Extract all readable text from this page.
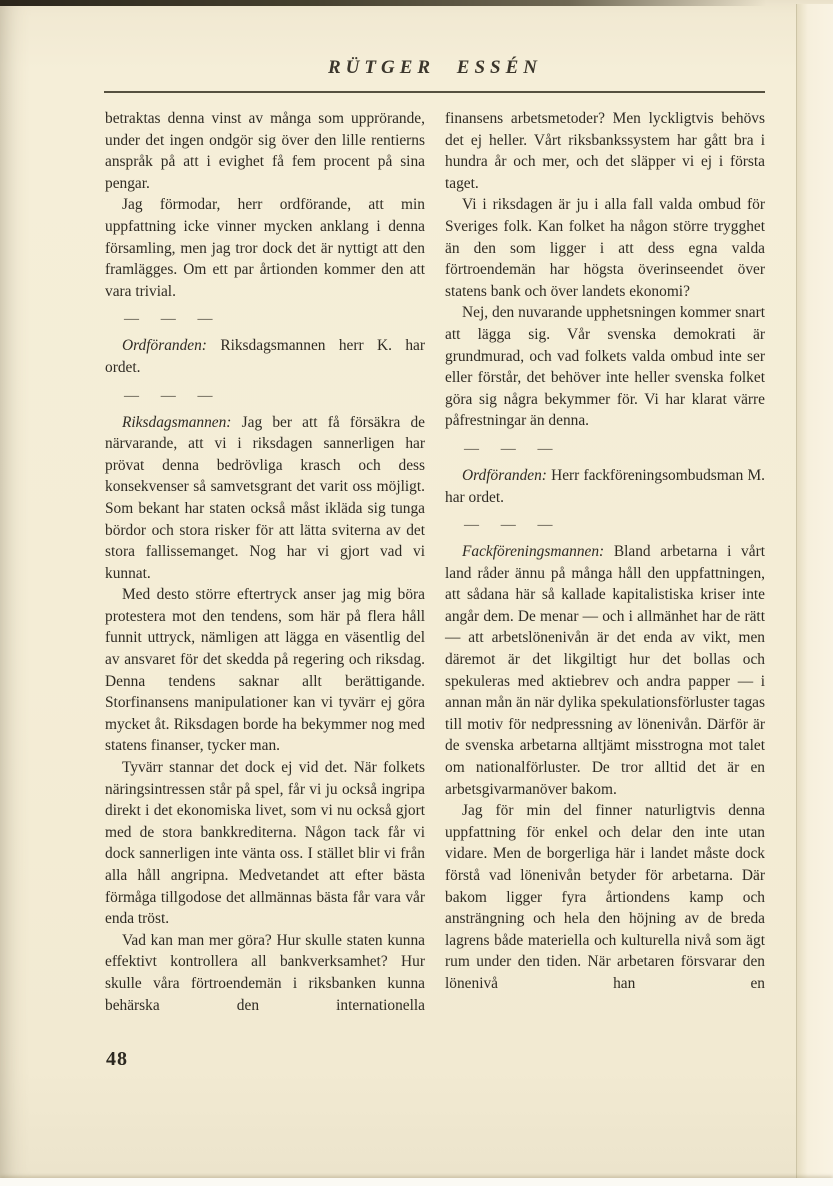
RÜTGER ESSÉN

betraktas denna vinst av många som upprörande, under det ingen ondgör sig över den lille rentierns anspråk på att i evighet få fem procent på sina pengar.

Jag förmodar, herr ordförande, att min uppfattning icke vinner mycken anklang i denna församling, men jag tror dock det är nyttigt att den framlägges. Om ett par årtionden kommer den att vara trivial.

— — —

Ordföranden: Riksdagsmannen herr K. har ordet.

— — —

Riksdagsmannen: Jag ber att få försäkra de närvarande, att vi i riksdagen sannerligen har prövat denna bedrövliga krasch och dess konsekvenser så samvetsgrant det varit oss möjligt. Som bekant har staten också måst ikläda sig tunga bördor och stora risker för att lätta sviterna av det stora fallissemanget. Nog har vi gjort vad vi kunnat.

Med desto större eftertryck anser jag mig böra protestera mot den tendens, som här på flera håll funnit uttryck, nämligen att lägga en väsentlig del av ansvaret för det skedda på regering och riksdag. Denna tendens saknar allt berättigande. Storfinansens manipulationer kan vi tyvärr ej göra mycket åt. Riksdagen borde ha bekymmer nog med statens finanser, tycker man.

Tyvärr stannar det dock ej vid det. När folkets näringsintressen står på spel, får vi ju också ingripa direkt i det ekonomiska livet, som vi nu också gjort med de stora bankkrediterna. Någon tack får vi dock sannerligen inte vänta oss. I stället blir vi från alla håll angripna. Medvetandet att efter bästa förmåga tillgodose det allmännas bästa får vara vår enda tröst.

Vad kan man mer göra? Hur skulle staten kunna effektivt kontrollera all bankverksamhet? Hur skulle våra förtroendemän i riksbanken kunna behärska den internationella

finansens arbetsmetoder? Men lyckligtvis behövs det ej heller. Vårt riksbankssystem har gått bra i hundra år och mer, och det släpper vi ej i första taget.

Vi i riksdagen är ju i alla fall valda ombud för Sveriges folk. Kan folket ha någon större trygghet än den som ligger i att dess egna valda förtroendemän har högsta överinseendet över statens bank och över landets ekonomi?

Nej, den nuvarande upphetsningen kommer snart att lägga sig. Vår svenska demokrati är grundmurad, och vad folkets valda ombud inte ser eller förstår, det behöver inte heller svenska folket göra sig några bekymmer för. Vi har klarat värre påfrestningar än denna.

— — —

Ordföranden: Herr fackföreningsombudsman M. har ordet.

— — —

Fackföreningsmannen: Bland arbetarna i vårt land råder ännu på många håll den uppfattningen, att sådana här så kallade kapitalistiska kriser inte angår dem. De menar — och i allmänhet har de rätt — att arbetslönenivån är det enda av vikt, men däremot är det likgiltigt hur det bollas och spekuleras med aktiebrev och andra papper — i annan mån än när dylika spekulationsförluster tagas till motiv för nedpressning av lönenivån. Därför är de svenska arbetarna alltjämt misstrogna mot talet om nationalförluster. De tror alltid det är en arbetsgivarmanöver bakom.

Jag för min del finner naturligtvis denna uppfattning för enkel och delar den inte utan vidare. Men de borgerliga här i landet måste dock förstå vad lönenivån betyder för arbetarna. Där bakom ligger fyra årtiondens kamp och ansträngning och hela den höjning av de breda lagrens både materiella och kulturella nivå som ägt rum under den tiden. När arbetaren försvarar den lönenivå han en

48
